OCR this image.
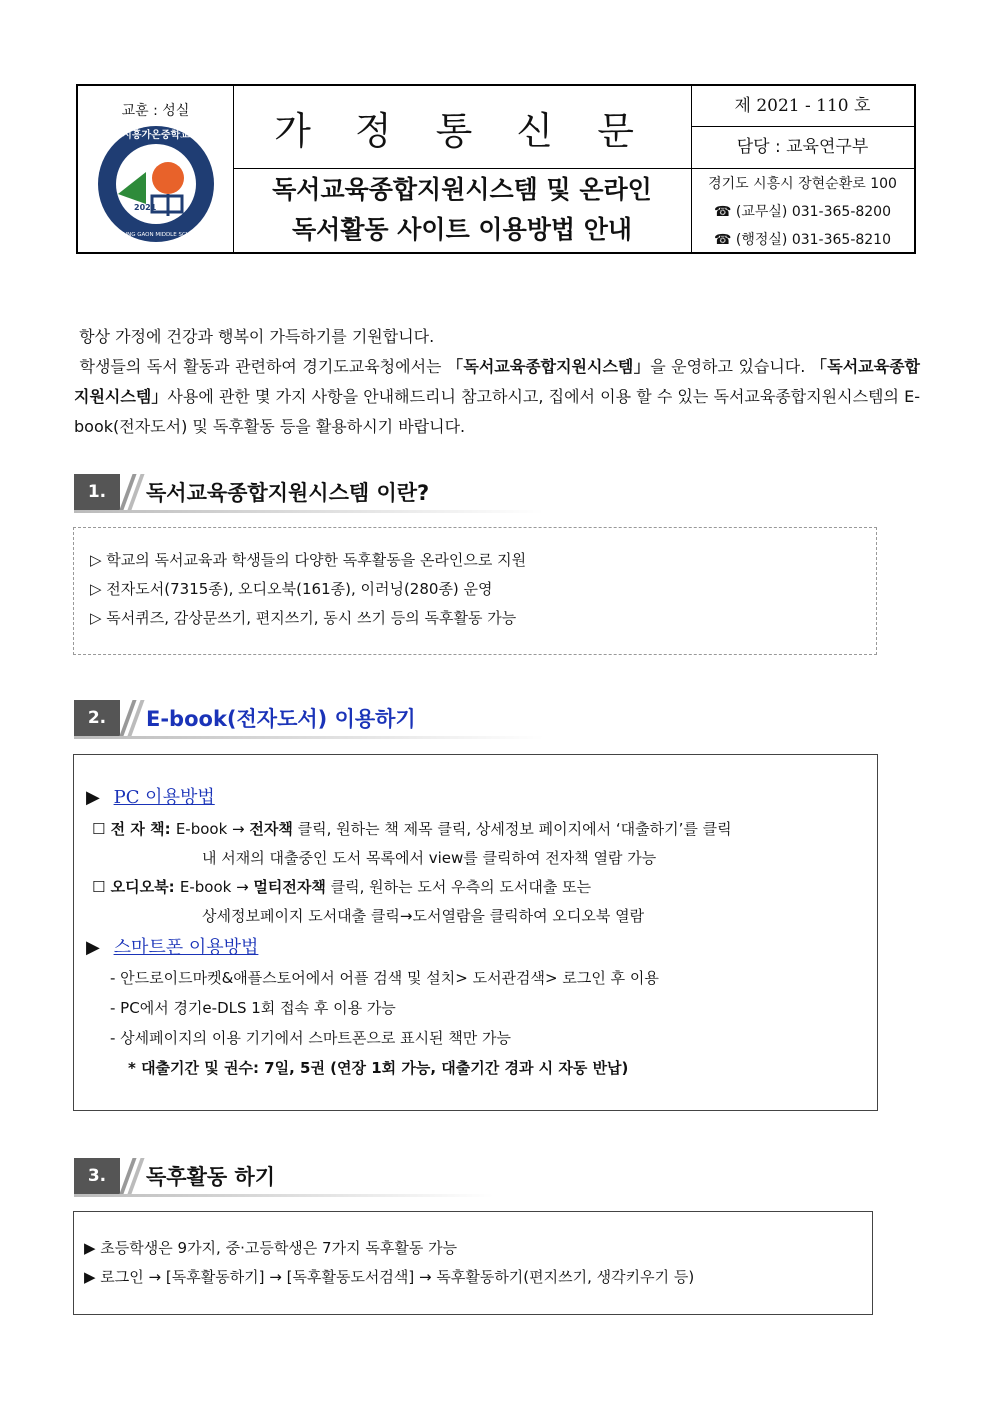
교훈 : 성실
시흥가온중학교
SIHEUNG GAON MIDDLE SCHOOL
2021
가 정 통 신 문
독서교육종합지원시스템 및 온라인
독서활동 사이트 이용방법 안내
제 2021 - 110 호
담당 : 교육연구부
경기도 시흥시 장현순환로 100
☎ (교무실) 031-365-8200
☎ (행정실) 031-365-8210

항상 가정에 건강과 행복이 가득하기를 기원합니다.

학생들의 독서 활동과 관련하여 경기도교육청에서는 「독서교육종합지원시스템」을 운영하고 있습니다. 「독서교육종합지원시스템」사용에 관한 몇 가지 사항을 안내해드리니 참고하시고, 집에서 이용 할 수 있는 독서교육종합지원시스템의 E-book(전자도서) 및 독후활동 등을 활용하시기 바랍니다.

1.	독서교육종합지원시스템 이란?
▷ 학교의 독서교육과 학생들의 다양한 독후활동을 온라인으로 지원
▷ 전자도서(7315종), 오디오북(161종), 이러닝(280종) 운영
▷ 독서퀴즈, 감상문쓰기, 편지쓰기, 동시 쓰기 등의 독후활동 가능
2.	E-book(전자도서) 이용하기
▶ PC 이용방법
☐ 전 자 책: E-book → 전자책 클릭, 원하는 책 제목 클릭, 상세정보 페이지에서 ‘대출하기’를 클릭
내 서재의 대출중인 도서 목록에서 view를 클릭하여 전자책 열람 가능
☐ 오디오북: E-book → 멀티전자책 클릭, 원하는 도서 우측의 도서대출 또는
상세정보페이지 도서대출 클릭→도서열람을 클릭하여 오디오북 열람
▶ 스마트폰 이용방법
- 안드로이드마켓&애플스토어에서 어플 검색 및 설치> 도서관검색> 로그인 후 이용
- PC에서 경기e-DLS 1회 접속 후 이용 가능
- 상세페이지의 이용 기기에서 스마트폰으로 표시된 책만 가능
* 대출기간 및 권수: 7일, 5권 (연장 1회 가능, 대출기간 경과 시 자동 반납)
3.	독후활동 하기
▶ 초등학생은 9가지, 중·고등학생은 7가지 독후활동 가능
▶ 로그인 → [독후활동하기] → [독후활동도서검색] → 독후활동하기(편지쓰기, 생각키우기 등)
